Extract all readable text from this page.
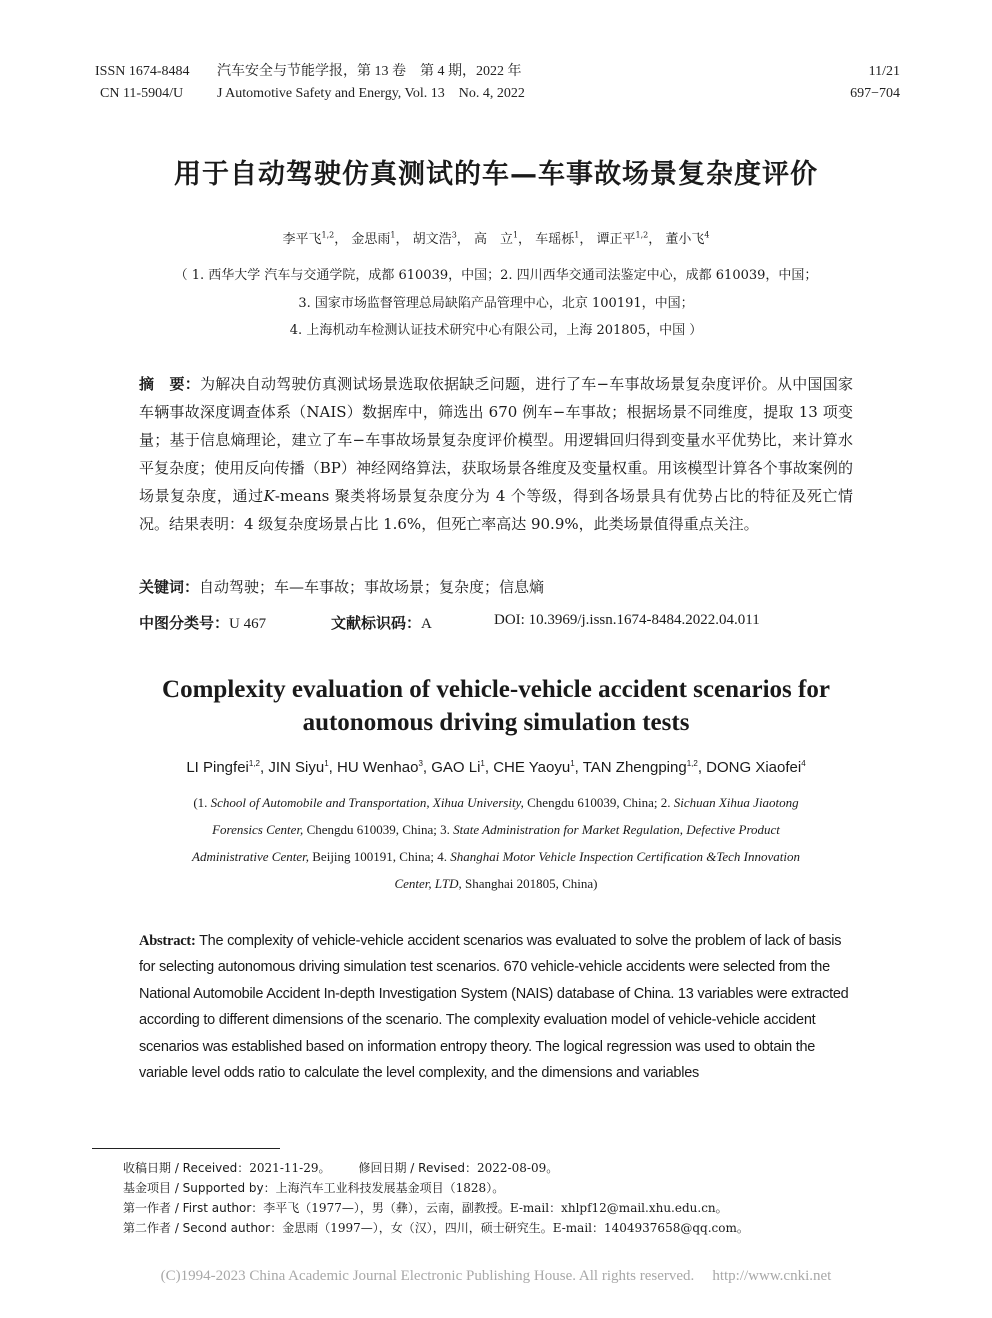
ISSN 1674-8484
CN 11-5904/U
汽车安全与节能学报，第 13 卷　第 4 期，2022 年
J Automotive Safety and Energy, Vol. 13　No. 4, 2022
11/21
697−704
用于自动驾驶仿真测试的车—车事故场景复杂度评价
李平飞$^{1,2}$， 金思雨$^1$， 胡文浩$^3$， 高　立$^1$， 车瑶栎$^1$， 谭正平$^{1,2}$， 董小飞$^4$
（ 1. 西华大学 汽车与交通学院，成都 610039，中国；2. 四川西华交通司法鉴定中心，成都 610039，中国；
3. 国家市场监督管理总局缺陷产品管理中心，北京 100191，中国；
4. 上海机动车检测认证技术研究中心有限公司，上海 201805，中国 ）
摘　要：为解决自动驾驶仿真测试场景选取依据缺乏问题，进行了车−车事故场景复杂度评价。从中国国家车辆事故深度调查体系（NAIS）数据库中，筛选出 670 例车−车事故；根据场景不同维度，提取 13 项变量；基于信息熵理论，建立了车−车事故场景复杂度评价模型。用逻辑回归得到变量水平优势比，来计算水平复杂度；使用反向传播（BP）神经网络算法，获取场景各维度及变量权重。用该模型计算各个事故案例的场景复杂度，通过K-means 聚类将场景复杂度分为 4 个等级，得到各场景具有优势占比的特征及死亡情况。结果表明：4 级复杂度场景占比 1.6%，但死亡率高达 90.9%，此类场景值得重点关注。
关键词：自动驾驶；车—车事故；事故场景；复杂度；信息熵
中图分类号：U 467	文献标识码：A	DOI: 10.3969/j.issn.1674-8484.2022.04.011
Complexity evaluation of vehicle-vehicle accident scenarios for
autonomous driving simulation tests
LI Pingfei$^{1,2}$, JIN Siyu$^1$, HU Wenhao$^3$, GAO Li$^1$, CHE Yaoyu$^1$, TAN Zhengping$^{1,2}$, DONG Xiaofei$^4$
(1. School of Automobile and Transportation, Xihua University, Chengdu 610039, China; 2. Sichuan Xihua Jiaotong
Forensics Center, Chengdu 610039, China; 3. State Administration for Market Regulation, Defective Product
Administrative Center, Beijing 100191, China; 4. Shanghai Motor Vehicle Inspection Certification &Tech Innovation
Center, LTD, Shanghai 201805, China)
Abstract: The complexity of vehicle-vehicle accident scenarios was evaluated to solve the problem of lack of basis for selecting autonomous driving simulation test scenarios. 670 vehicle-vehicle accidents were selected from the National Automobile Accident In-depth Investigation System (NAIS) database of China. 13 variables were extracted according to different dimensions of the scenario. The complexity evaluation model of vehicle-vehicle accident scenarios was established based on information entropy theory. The logical regression was used to obtain the variable level odds ratio to calculate the level complexity, and the dimensions and variables
收稿日期 / Received：2021-11-29。 修回日期 / Revised：2022-08-09。
基金项目 / Supported by：上海汽车工业科技发展基金项目（1828）。
第一作者 / First author：李平飞（1977—），男（彝），云南，副教授。E-mail：xhlpf12@mail.xhu.edu.cn。
第二作者 / Second author：金思雨（1997—），女（汉），四川，硕士研究生。E-mail：1404937658@qq.com。
(C)1994-2023 China Academic Journal Electronic Publishing House. All rights reserved. http://www.cnki.net
